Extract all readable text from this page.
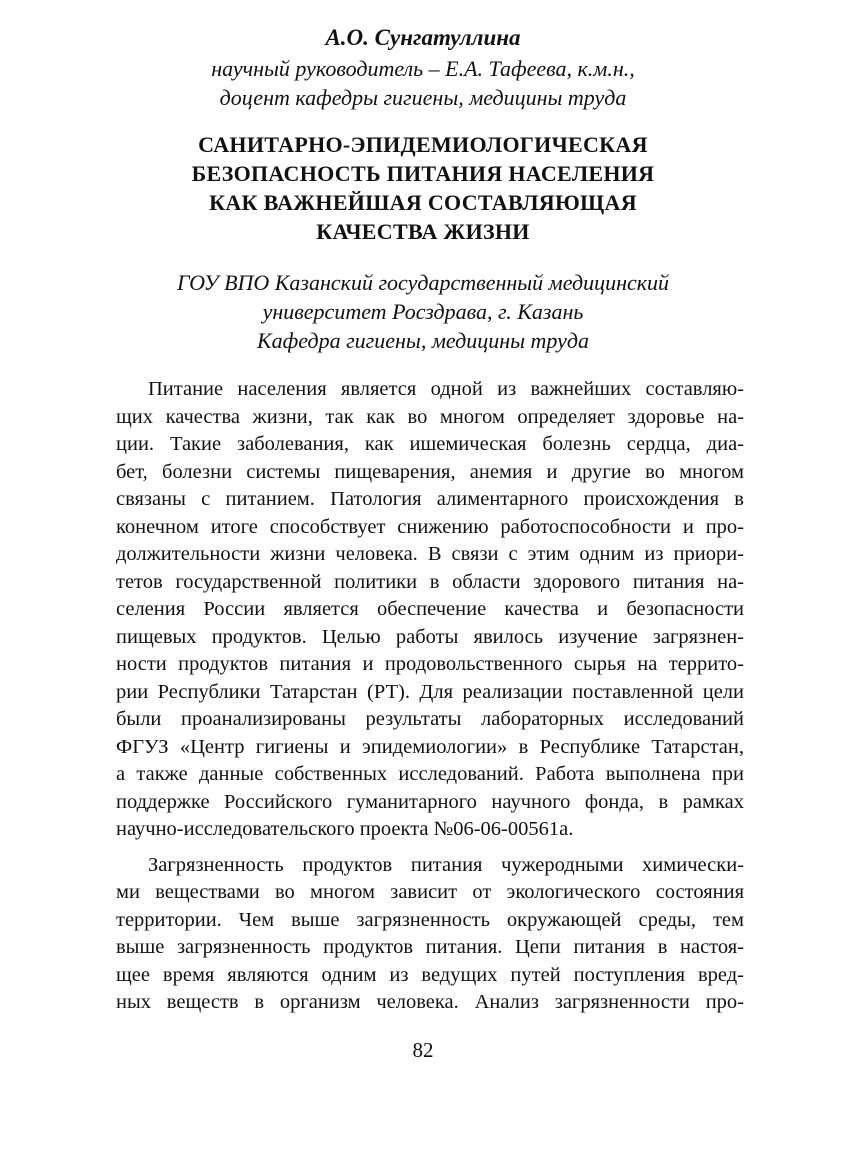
А.О. Сунгатуллина
научный руководитель – Е.А. Тафеева, к.м.н.,
доцент кафедры гигиены, медицины труда
САНИТАРНО-ЭПИДЕМИОЛОГИЧЕСКАЯ
БЕЗОПАСНОСТЬ ПИТАНИЯ НАСЕЛЕНИЯ
КАК ВАЖНЕЙШАЯ СОСТАВЛЯЮЩАЯ
КАЧЕСТВА ЖИЗНИ
ГОУ ВПО Казанский государственный медицинский
университет Росздрава, г. Казань
Кафедра гигиены, медицины труда
Питание населения является одной из важнейших составляю-
щих качества жизни, так как во многом определяет здоровье на-
ции. Такие заболевания, как ишемическая болезнь сердца, диа-
бет, болезни системы пищеварения, анемия и другие во многом
связаны с питанием. Патология алиментарного происхождения в
конечном итоге способствует снижению работоспособности и про-
должительности жизни человека. В связи с этим одним из приори-
тетов государственной политики в области здорового питания на-
селения России является обеспечение качества и безопасности
пищевых продуктов. Целью работы явилось изучение загрязнен-
ности продуктов питания и продовольственного сырья на террито-
рии Республики Татарстан (РТ). Для реализации поставленной цели
были проанализированы результаты лабораторных исследований
ФГУЗ «Центр гигиены и эпидемиологии» в Республике Татарстан,
а также данные собственных исследований. Работа выполнена при
поддержке Российского гуманитарного научного фонда, в рамках
научно-исследовательского проекта №06-06-00561а.
Загрязненность продуктов питания чужеродными химически-
ми веществами во многом зависит от экологического состояния
территории. Чем выше загрязненность окружающей среды, тем
выше загрязненность продуктов питания. Цепи питания в настоя-
щее время являются одним из ведущих путей поступления вред-
ных веществ в организм человека. Анализ загрязненности про-
82
